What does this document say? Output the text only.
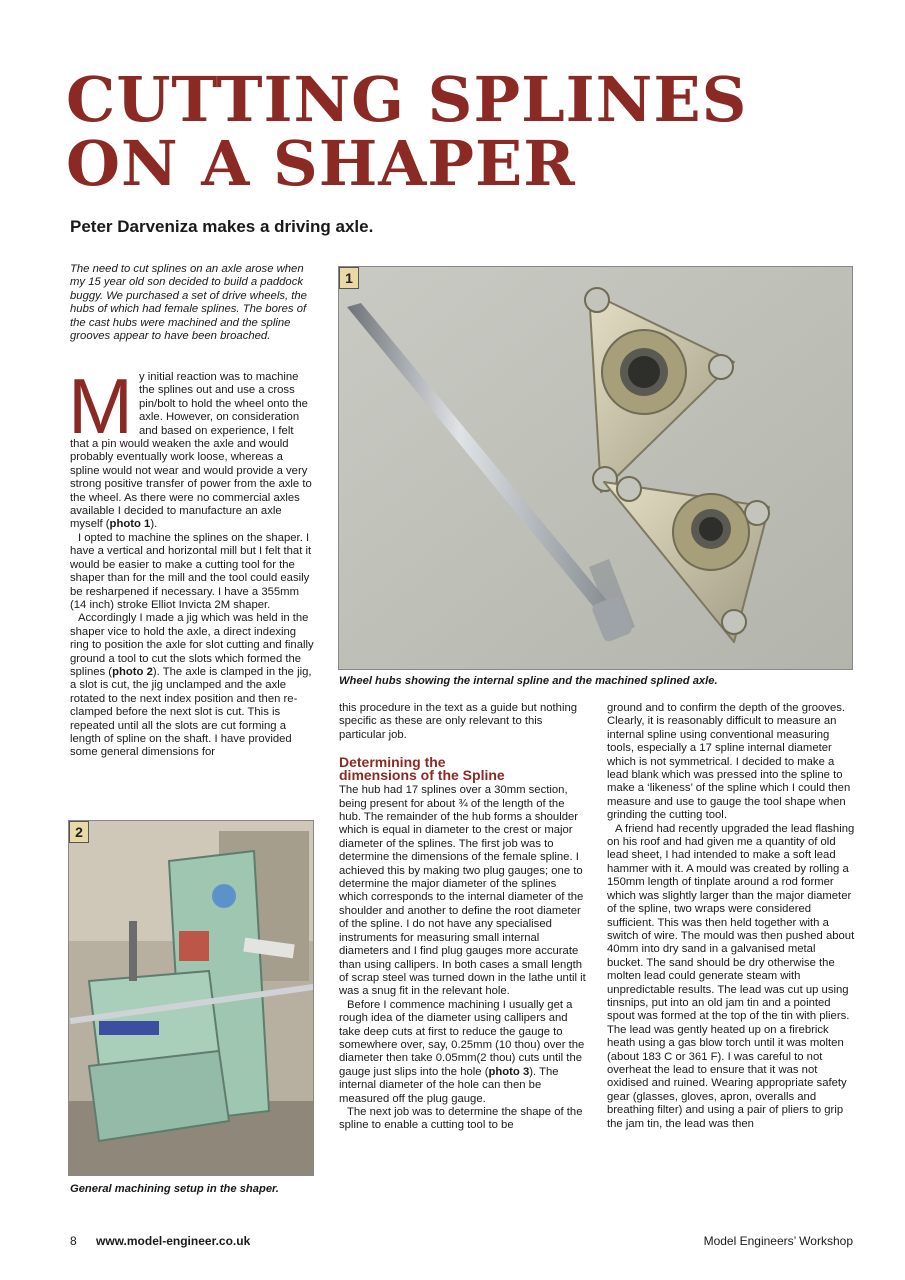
CUTTING SPLINES
ON A SHAPER
Peter Darveniza makes a driving axle.
The need to cut splines on an axle arose when my 15 year old son decided to build a paddock buggy. We purchased a set of drive wheels, the hubs of which had female splines. The bores of the cast hubs were machined and the spline grooves appear to have been broached.

My initial reaction was to machine the splines out and use a cross pin/bolt to hold the wheel onto the axle. However, on consideration and based on experience, I felt that a pin would weaken the axle and would probably eventually work loose, whereas a spline would not wear and would provide a very strong positive transfer of power from the axle to the wheel. As there were no commercial axles available I decided to manufacture an axle myself (photo 1).

I opted to machine the splines on the shaper. I have a vertical and horizontal mill but I felt that it would be easier to make a cutting tool for the shaper than for the mill and the tool could easily be resharpened if necessary. I have a 355mm (14 inch) stroke Elliot Invicta 2M shaper.

Accordingly I made a jig which was held in the shaper vice to hold the axle, a direct indexing ring to position the axle for slot cutting and finally ground a tool to cut the slots which formed the splines (photo 2). The axle is clamped in the jig, a slot is cut, the jig unclamped and the axle rotated to the next index position and then re-clamped before the next slot is cut. This is repeated until all the slots are cut forming a length of spline on the shaft. I have provided some general dimensions for

1
Wheel hubs showing the internal spline and the machined splined axle.
2
General machining setup in the shaper.

this procedure in the text as a guide but nothing specific as these are only relevant to this particular job.

Determining the
dimensions of the Spline

The hub had 17 splines over a 30mm section, being present for about ¾ of the length of the hub. The remainder of the hub forms a shoulder which is equal in diameter to the crest or major diameter of the splines. The first job was to determine the dimensions of the female spline. I achieved this by making two plug gauges; one to determine the major diameter of the splines which corresponds to the internal diameter of the shoulder and another to define the root diameter of the spline. I do not have any specialised instruments for measuring small internal diameters and I find plug gauges more accurate than using callipers. In both cases a small length of scrap steel was turned down in the lathe until it was a snug fit in the relevant hole.

Before I commence machining I usually get a rough idea of the diameter using callipers and take deep cuts at first to reduce the gauge to somewhere over, say, 0.25mm (10 thou) over the diameter then take 0.05mm(2 thou) cuts until the gauge just slips into the hole (photo 3). The internal diameter of the hole can then be measured off the plug gauge.

The next job was to determine the shape of the spline to enable a cutting tool to be

ground and to confirm the depth of the grooves. Clearly, it is reasonably difficult to measure an internal spline using conventional measuring tools, especially a 17 spline internal diameter which is not symmetrical. I decided to make a lead blank which was pressed into the spline to make a ‘likeness’ of the spline which I could then measure and use to gauge the tool shape when grinding the cutting tool.

A friend had recently upgraded the lead flashing on his roof and had given me a quantity of old lead sheet, I had intended to make a soft lead hammer with it. A mould was created by rolling a 150mm length of tinplate around a rod former which was slightly larger than the major diameter of the spline, two wraps were considered sufficient. This was then held together with a switch of wire. The mould was then pushed about 40mm into dry sand in a galvanised metal bucket. The sand should be dry otherwise the molten lead could generate steam with unpredictable results. The lead was cut up using tinsnips, put into an old jam tin and a pointed spout was formed at the top of the tin with pliers. The lead was gently heated up on a firebrick heath using a gas blow torch until it was molten (about 183 C or 361 F). I was careful to not overheat the lead to ensure that it was not oxidised and ruined. Wearing appropriate safety gear (glasses, gloves, apron, overalls and breathing filter) and using a pair of pliers to grip the jam tin, the lead was then

8 www.model-engineer.co.uk	Model Engineers’ Workshop
